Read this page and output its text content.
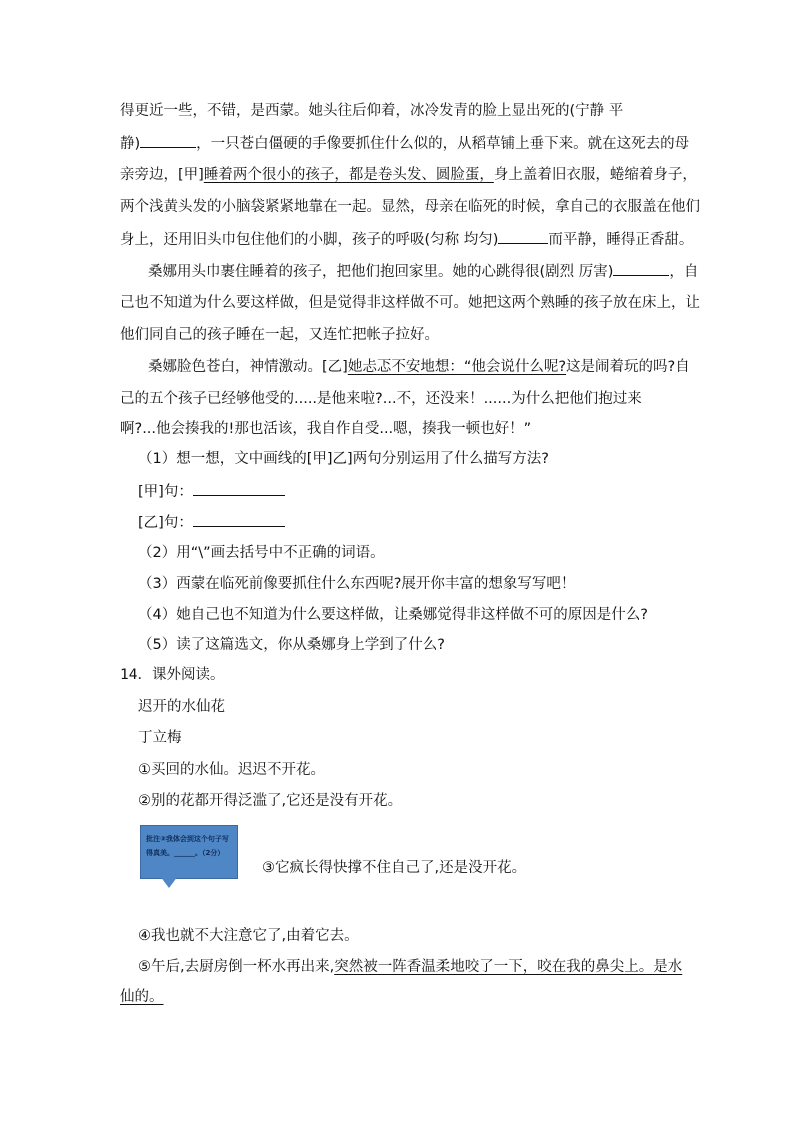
得更近一些，不错，是西蒙。她头往后仰着，冰冷发青的脸上显出死的(宁静 平
静)	，一只苍白僵硬的手像要抓住什么似的，从稻草铺上垂下来。就在这死去的母
亲旁边，[甲]睡着两个很小的孩子，都是卷头发、圆脸蛋，身上盖着旧衣服，蜷缩着身子，
两个浅黄头发的小脑袋紧紧地靠在一起。显然，母亲在临死的时候，拿自己的衣服盖在他们
身上，还用旧头巾包住他们的小脚，孩子的呼吸(匀称 均匀)	而平静，睡得正香甜。
桑娜用头巾裹住睡着的孩子，把他们抱回家里。她的心跳得很(剧烈 厉害)	，自
己也不知道为什么要这样做，但是觉得非这样做不可。她把这两个熟睡的孩子放在床上，让
他们同自己的孩子睡在一起，又连忙把帐子拉好。
桑娜脸色苍白，神情激动。[乙]她忐忑不安地想：“他会说什么呢?这是闹着玩的吗?自
己的五个孩子已经够他受的.....是他来啦?...不，还没来！......为什么把他们抱过来
啊?...他会揍我的!那也活该，我自作自受...嗯，揍我一顿也好！”
（1）想一想，文中画线的[甲]乙]两句分别运用了什么描写方法?
[甲]句：
[乙]句：
（2）用“\”画去括号中不正确的词语。
（3）西蒙在临死前像要抓住什么东西呢?展开你丰富的想象写写吧！
（4）她自己也不知道为什么要这样做，让桑娜觉得非这样做不可的原因是什么?
（5）读了这篇选文，你从桑娜身上学到了什么?
14．课外阅读。
迟开的水仙花
丁立梅
①买回的水仙。迟迟不开花。
②别的花都开得泛滥了,它还是没有开花。
批注③我体会到这个句子写得真美。______。（2分）
③它疯长得快撑不住自己了,还是没开花。
④我也就不大注意它了,由着它去。
⑤午后,去厨房倒一杯水再出来,突然被一阵香温柔地咬了一下，咬在我的鼻尖上。是水
仙的。
